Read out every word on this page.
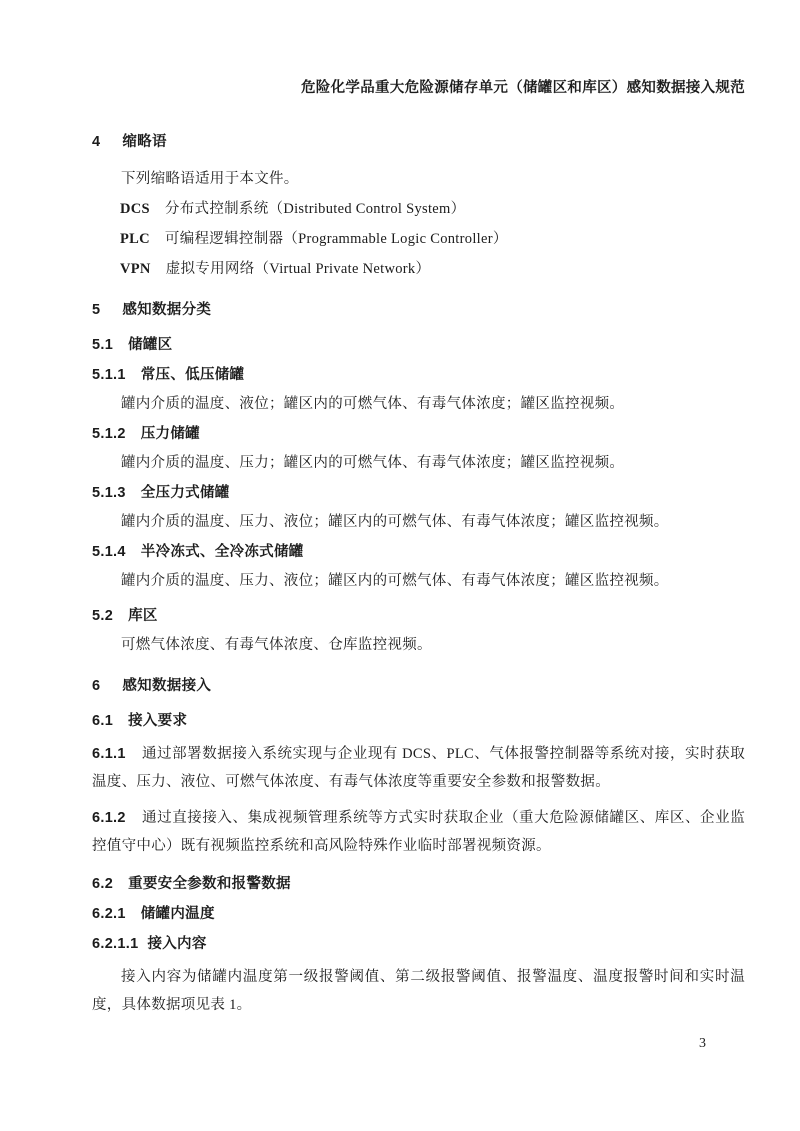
危险化学品重大危险源储存单元（储罐区和库区）感知数据接入规范
4 缩略语

下列缩略语适用于本文件。

DCS 分布式控制系统（Distributed Control System）
PLC 可编程逻辑控制器（Programmable Logic Controller）
VPN 虚拟专用网络（Virtual Private Network）
5 感知数据分类
5.1 储罐区
5.1.1 常压、低压储罐

罐内介质的温度、液位；罐区内的可燃气体、有毒气体浓度；罐区监控视频。

5.1.2 压力储罐

罐内介质的温度、压力；罐区内的可燃气体、有毒气体浓度；罐区监控视频。

5.1.3 全压力式储罐

罐内介质的温度、压力、液位；罐区内的可燃气体、有毒气体浓度；罐区监控视频。

5.1.4 半冷冻式、全冷冻式储罐

罐内介质的温度、压力、液位；罐区内的可燃气体、有毒气体浓度；罐区监控视频。

5.2 库区

可燃气体浓度、有毒气体浓度、仓库监控视频。

6 感知数据接入
6.1 接入要求

6.1.1 通过部署数据接入系统实现与企业现有 DCS、PLC、气体报警控制器等系统对接，实时获取温度、压力、液位、可燃气体浓度、有毒气体浓度等重要安全参数和报警数据。

6.1.2 通过直接接入、集成视频管理系统等方式实时获取企业（重大危险源储罐区、库区、企业监控值守中心）既有视频监控系统和高风险特殊作业临时部署视频资源。

6.2 重要安全参数和报警数据
6.2.1 储罐内温度
6.2.1.1 接入内容

接入内容为储罐内温度第一级报警阈值、第二级报警阈值、报警温度、温度报警时间和实时温度，具体数据项见表 1。

3
